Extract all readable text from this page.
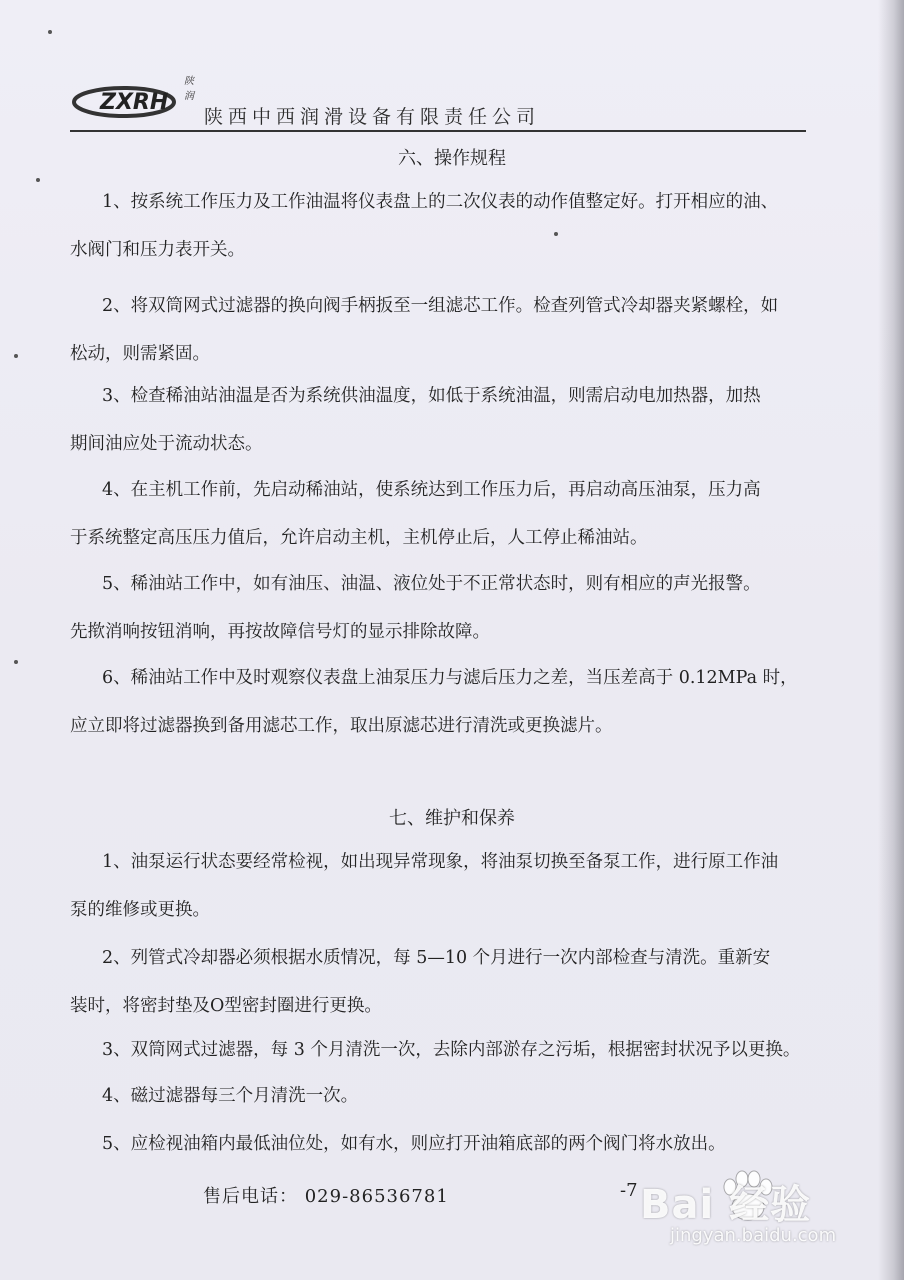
陕润
ZXRH
陕西中西润滑设备有限责任公司
六、操作规程
1、按系统工作压力及工作油温将仪表盘上的二次仪表的动作值整定好。打开相应的油、
水阀门和压力表开关。
2、将双筒网式过滤器的换向阀手柄扳至一组滤芯工作。检查列管式冷却器夹紧螺栓，如
松动，则需紧固。
3、检查稀油站油温是否为系统供油温度，如低于系统油温，则需启动电加热器，加热
期间油应处于流动状态。
4、在主机工作前，先启动稀油站，使系统达到工作压力后，再启动高压油泵，压力高
于系统整定高压压力值后，允许启动主机，主机停止后，人工停止稀油站。
5、稀油站工作中，如有油压、油温、液位处于不正常状态时，则有相应的声光报警。
先揿消响按钮消响，再按故障信号灯的显示排除故障。
6、稀油站工作中及时观察仪表盘上油泵压力与滤后压力之差，当压差高于 0.12MPa 时，
应立即将过滤器换到备用滤芯工作，取出原滤芯进行清洗或更换滤片。
七、维护和保养
1、油泵运行状态要经常检视，如出现异常现象，将油泵切换至备泵工作，进行原工作油
泵的维修或更换。
2、列管式冷却器必须根据水质情况，每 5—10 个月进行一次内部检查与清洗。重新安
装时，将密封垫及O型密封圈进行更换。
3、双筒网式过滤器，每 3 个月清洗一次，去除内部淤存之污垢，根据密封状况予以更换。
4、磁过滤器每三个月清洗一次。
5、应检视油箱内最低油位处，如有水，则应打开油箱底部的两个阀门将水放出。
售后电话： 029-86536781	-7 Bai 经验
jingyan.baidu.com
